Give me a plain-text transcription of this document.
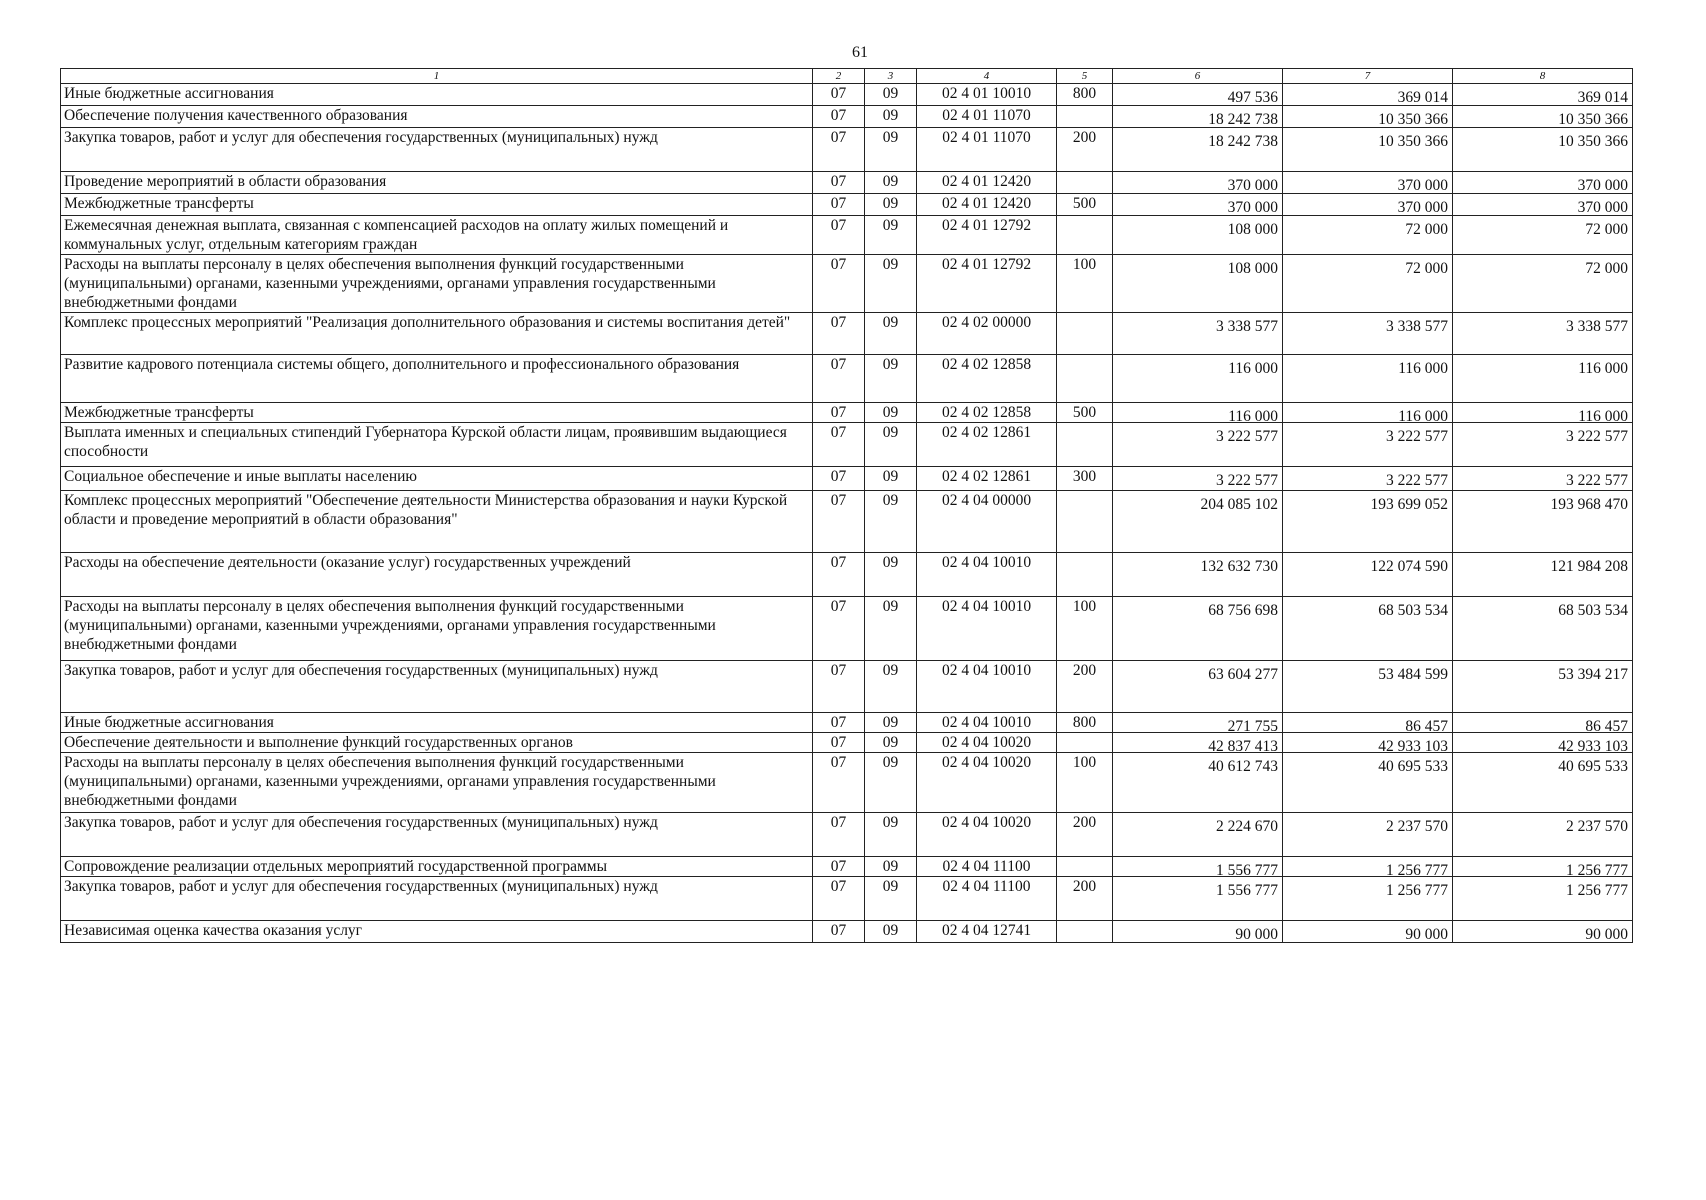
61
1	2	3	4	5	6	7	8
Иные бюджетные ассигнования	07	09	02 4 01 10010	800	497 536	369 014	369 014
Обеспечение получения качественного образования	07	09	02 4 01 11070		18 242 738	10 350 366	10 350 366
Закупка товаров, работ и услуг для обеспечения государственных (муниципальных) нужд	07	09	02 4 01 11070	200	18 242 738	10 350 366	10 350 366
Проведение мероприятий в области образования	07	09	02 4 01 12420		370 000	370 000	370 000
Межбюджетные трансферты	07	09	02 4 01 12420	500	370 000	370 000	370 000
Ежемесячная денежная выплата, связанная с компенсацией расходов на оплату жилых помещений и коммунальных услуг, отдельным категориям граждан	07	09	02 4 01 12792		108 000	72 000	72 000
Расходы на выплаты персоналу в целях обеспечения выполнения функций государственными (муниципальными) органами, казенными учреждениями, органами управления государственными внебюджетными фондами	07	09	02 4 01 12792	100	108 000	72 000	72 000
Комплекс процессных мероприятий "Реализация дополнительного образования и системы воспитания детей"	07	09	02 4 02 00000		3 338 577	3 338 577	3 338 577
Развитие кадрового потенциала системы общего, дополнительного и профессионального образования	07	09	02 4 02 12858		116 000	116 000	116 000
Межбюджетные трансферты	07	09	02 4 02 12858	500	116 000	116 000	116 000
Выплата именных и специальных стипендий Губернатора Курской области лицам, проявившим выдающиеся способности	07	09	02 4 02 12861		3 222 577	3 222 577	3 222 577
Социальное обеспечение и иные выплаты населению	07	09	02 4 02 12861	300	3 222 577	3 222 577	3 222 577
Комплекс процессных мероприятий "Обеспечение деятельности Министерства образования и науки Курской области и проведение мероприятий в области образования"	07	09	02 4 04 00000		204 085 102	193 699 052	193 968 470
Расходы на обеспечение деятельности (оказание услуг) государственных учреждений	07	09	02 4 04 10010		132 632 730	122 074 590	121 984 208
Расходы на выплаты персоналу в целях обеспечения выполнения функций государственными (муниципальными) органами, казенными учреждениями, органами управления государственными внебюджетными фондами	07	09	02 4 04 10010	100	68 756 698	68 503 534	68 503 534
Закупка товаров, работ и услуг для обеспечения государственных (муниципальных) нужд	07	09	02 4 04 10010	200	63 604 277	53 484 599	53 394 217
Иные бюджетные ассигнования	07	09	02 4 04 10010	800	271 755	86 457	86 457
Обеспечение деятельности и выполнение функций государственных органов	07	09	02 4 04 10020		42 837 413	42 933 103	42 933 103
Расходы на выплаты персоналу в целях обеспечения выполнения функций государственными (муниципальными) органами, казенными учреждениями, органами управления государственными внебюджетными фондами	07	09	02 4 04 10020	100	40 612 743	40 695 533	40 695 533
Закупка товаров, работ и услуг для обеспечения государственных (муниципальных) нужд	07	09	02 4 04 10020	200	2 224 670	2 237 570	2 237 570
Сопровождение реализации отдельных мероприятий государственной программы	07	09	02 4 04 11100		1 556 777	1 256 777	1 256 777
Закупка товаров, работ и услуг для обеспечения государственных (муниципальных) нужд	07	09	02 4 04 11100	200	1 556 777	1 256 777	1 256 777
Независимая оценка качества оказания услуг	07	09	02 4 04 12741		90 000	90 000	90 000
